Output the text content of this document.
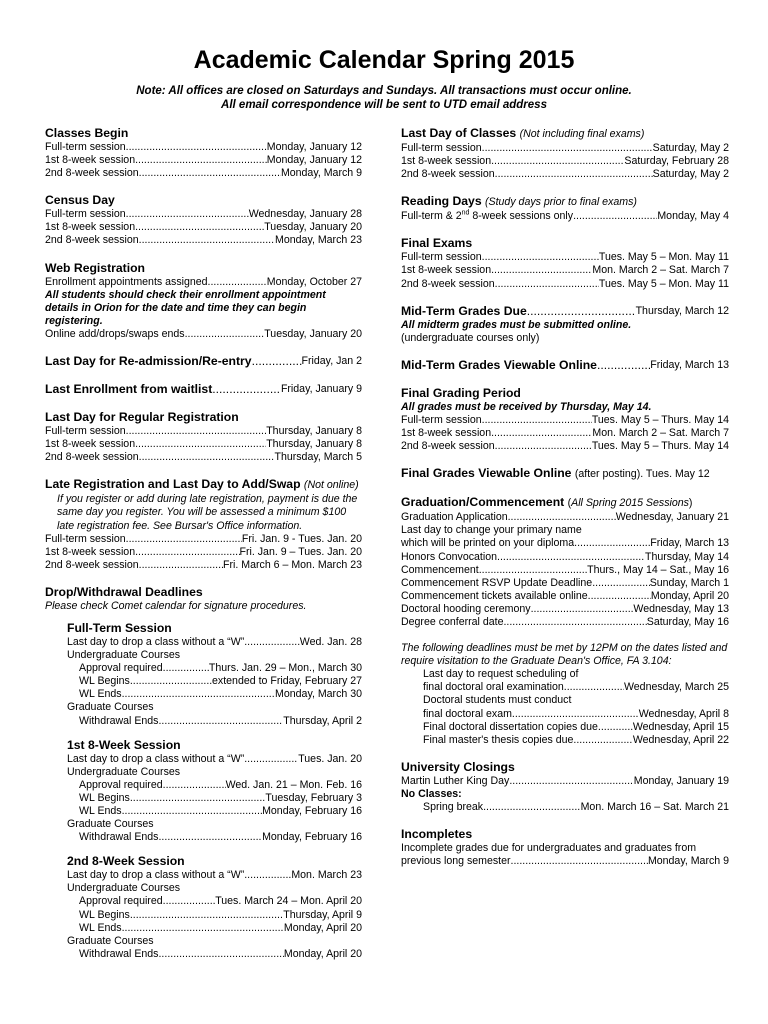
Academic Calendar Spring 2015
Note: All offices are closed on Saturdays and Sundays. All transactions must occur online.
All email correspondence will be sent to UTD email address
Classes Begin
Full-term session .....	Monday, January 12
1st 8-week session .....	Monday, January 12
2nd 8-week session .....	Monday, March 9
Census Day
Full-term session .....	Wednesday, January 28
1st 8-week session .....	Tuesday, January 20
2nd 8-week session .....	Monday, March 23
Web Registration
Enrollment appointments assigned .....	Monday, October 27
All students should check their enrollment appointment details in Orion for the date and time they can begin registering.
Online add/drops/swaps ends .....	Tuesday, January 20
Last Day for Re-admission/Re-entry .....	Friday, Jan 2
Last Enrollment from waitlist .....	Friday, January 9
Last Day for Regular Registration
Full-term session .....	Thursday, January 8
1st 8-week session .....	Thursday, January 8
2nd 8-week session .....	Thursday, March 5
Late Registration and Last Day to Add/Swap (Not online)
If you register or add during late registration, payment is due the same day you register. You will be assessed a minimum $100 late registration fee. See Bursar's Office information.
Full-term session .....	Fri. Jan. 9 - Tues. Jan. 20
1st 8-week session .....	Fri. Jan. 9 – Tues. Jan. 20
2nd 8-week session .....	Fri. March 6 – Mon. March 23
Drop/Withdrawal Deadlines
Please check Comet calendar for signature procedures.
Full-Term Session
Last day to drop a class without a “W” .....	Wed. Jan. 28
Undergraduate Courses
Approval required .....	Thurs. Jan. 29 – Mon., March 30
WL Begins .....	extended to Friday, February 27
WL Ends .....	Monday, March 30
Graduate Courses
Withdrawal Ends .....	Thursday, April 2
1st 8-Week Session
Last day to drop a class without a “W” .....	Tues. Jan. 20
Undergraduate Courses
Approval required .....	Wed. Jan. 21 – Mon. Feb. 16
WL Begins .....	Tuesday, February 3
WL Ends .....	Monday, February 16
Graduate Courses
Withdrawal Ends .....	Monday, February 16
2nd 8-Week Session
Last day to drop a class without a “W” .....	Mon. March 23
Undergraduate Courses
Approval required .....	Tues. March 24 – Mon. April 20
WL Begins .....	Thursday, April 9
WL Ends .....	Monday, April 20
Graduate Courses
Withdrawal Ends .....	Monday, April 20
Last Day of Classes (Not including final exams)
Full-term session .....	Saturday, May 2
1st 8-week session .....	Saturday, February 28
2nd 8-week session .....	Saturday, May 2
Reading Days (Study days prior to final exams)
Full-term & 2nd 8-week sessions only .....	Monday, May 4
Final Exams
Full-term session .....	Tues. May 5 – Mon. May 11
1st 8-week session .....	Mon. March 2 – Sat. March 7
2nd 8-week session .....	Tues. May 5 – Mon. May 11
Mid-Term Grades Due .....	Thursday, March 12
All midterm grades must be submitted online.
(undergraduate courses only)
Mid-Term Grades Viewable Online .....	Friday, March 13
Final Grading Period
All grades must be received by Thursday, May 14.
Full-term session .....	Tues. May 5 – Thurs. May 14
1st 8-week session .....	Mon. March 2 – Sat. March 7
2nd 8-week session .....	Tues. May 5 – Thurs. May 14
Final Grades Viewable Online (after posting). Tues. May 12
Graduation/Commencement (All Spring 2015 Sessions)
Graduation Application .....	Wednesday, January 21
Last day to change your primary name
which will be printed on your diploma .....	Friday, March 13
Honors Convocation .....	Thursday, May 14
Commencement .....	Thurs., May 14 – Sat., May 16
Commencement RSVP Update Deadline .....	Sunday, March 1
Commencement tickets available online .....	Monday, April 20
Doctoral hooding ceremony .....	Wednesday, May 13
Degree conferral date .....	Saturday, May 16
The following deadlines must be met by 12PM on the dates listed and require visitation to the Graduate Dean's Office, FA 3.104:
Last day to request scheduling of
final doctoral oral examination .....	Wednesday, March 25
Doctoral students must conduct
final doctoral exam .....	Wednesday, April 8
Final doctoral dissertation copies due .....	Wednesday, April 15
Final master's thesis copies due .....	Wednesday, April 22
University Closings
Martin Luther King Day .....	Monday, January 19
No Classes:
Spring break .....	Mon. March 16 – Sat. March 21
Incompletes
Incomplete grades due for undergraduates and graduates from
previous long semester .....	Monday, March 9
